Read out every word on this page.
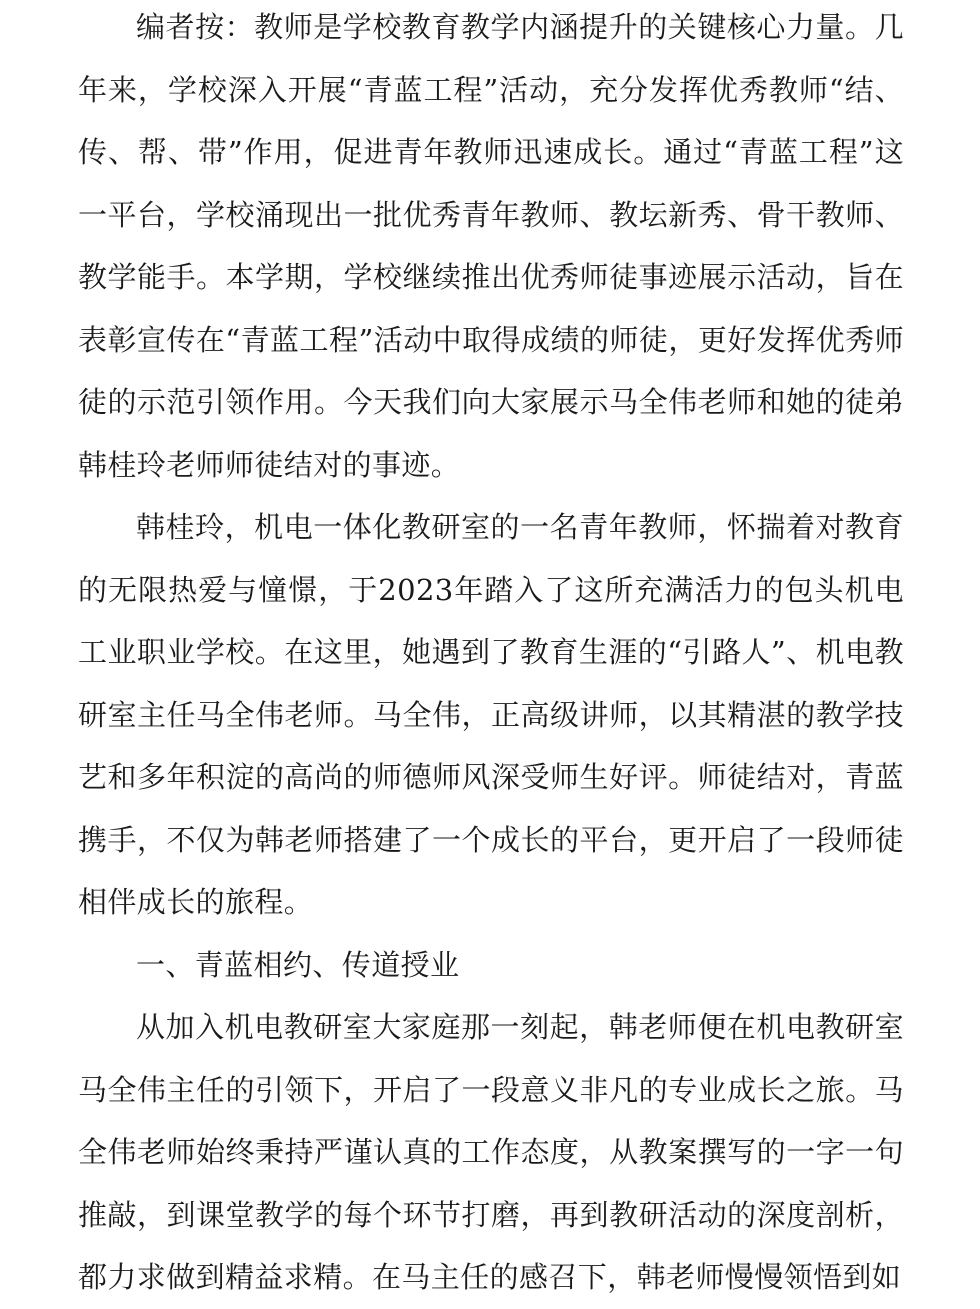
编者按：教师是学校教育教学内涵提升的关键核心力量。几年来，学校深入开展“青蓝工程”活动，充分发挥优秀教师“结、传、帮、带”作用，促进青年教师迅速成长。通过“青蓝工程”这一平台，学校涌现出一批优秀青年教师、教坛新秀、骨干教师、教学能手。本学期，学校继续推出优秀师徒事迹展示活动，旨在表彰宣传在“青蓝工程”活动中取得成绩的师徒，更好发挥优秀师徒的示范引领作用。今天我们向大家展示马全伟老师和她的徒弟韩桂玲老师师徒结对的事迹。

韩桂玲，机电一体化教研室的一名青年教师，怀揣着对教育的无限热爱与憧憬，于2023年踏入了这所充满活力的包头机电工业职业学校。在这里，她遇到了教育生涯的“引路人”、机电教研室主任马全伟老师。马全伟，正高级讲师，以其精湛的教学技艺和多年积淀的高尚的师德师风深受师生好评。师徒结对，青蓝携手，不仅为韩老师搭建了一个成长的平台，更开启了一段师徒相伴成长的旅程。

一、青蓝相约、传道授业

从加入机电教研室大家庭那一刻起，韩老师便在机电教研室马全伟主任的引领下，开启了一段意义非凡的专业成长之旅。马全伟老师始终秉持严谨认真的工作态度，从教案撰写的一字一句推敲，到课堂教学的每个环节打磨，再到教研活动的深度剖析，都力求做到精益求精。在马主任的感召下，韩老师慢慢领悟到如
